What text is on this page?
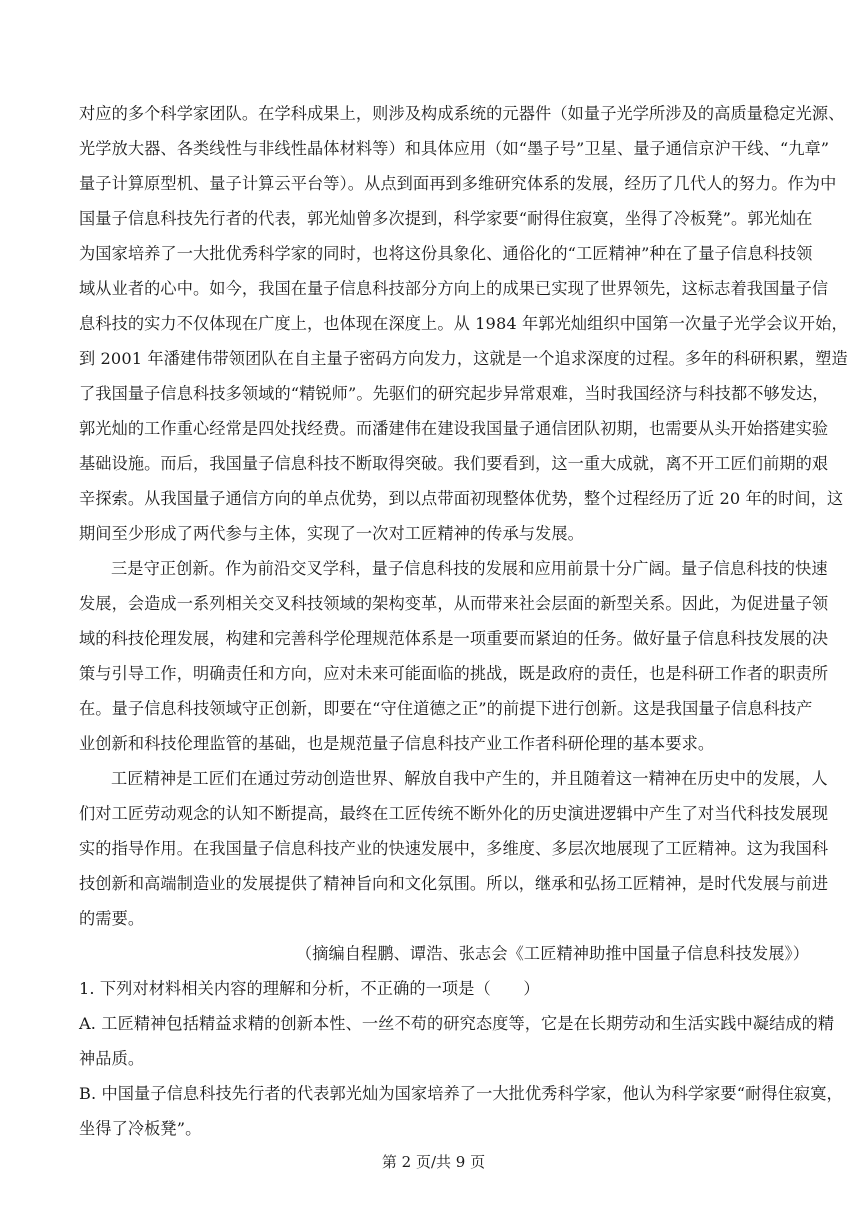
对应的多个科学家团队。在学科成果上，则涉及构成系统的元器件（如量子光学所涉及的高质量稳定光源、
光学放大器、各类线性与非线性晶体材料等）和具体应用（如“墨子号”卫星、量子通信京沪干线、“九章”
量子计算原型机、量子计算云平台等）。从点到面再到多维研究体系的发展，经历了几代人的努力。作为中
国量子信息科技先行者的代表，郭光灿曾多次提到，科学家要“耐得住寂寞，坐得了冷板凳”。郭光灿在
为国家培养了一大批优秀科学家的同时，也将这份具象化、通俗化的“工匠精神”种在了量子信息科技领
域从业者的心中。如今，我国在量子信息科技部分方向上的成果已实现了世界领先，这标志着我国量子信
息科技的实力不仅体现在广度上，也体现在深度上。从 1984 年郭光灿组织中国第一次量子光学会议开始，
到 2001 年潘建伟带领团队在自主量子密码方向发力，这就是一个追求深度的过程。多年的科研积累，塑造
了我国量子信息科技多领域的“精锐师”。先驱们的研究起步异常艰难，当时我国经济与科技都不够发达，
郭光灿的工作重心经常是四处找经费。而潘建伟在建设我国量子通信团队初期，也需要从头开始搭建实验
基础设施。而后，我国量子信息科技不断取得突破。我们要看到，这一重大成就，离不开工匠们前期的艰
辛探索。从我国量子通信方向的单点优势，到以点带面初现整体优势，整个过程经历了近 20 年的时间，这
期间至少形成了两代参与主体，实现了一次对工匠精神的传承与发展。
三是守正创新。作为前沿交叉学科，量子信息科技的发展和应用前景十分广阔。量子信息科技的快速
发展，会造成一系列相关交叉科技领域的架构变革，从而带来社会层面的新型关系。因此，为促进量子领
域的科技伦理发展，构建和完善科学伦理规范体系是一项重要而紧迫的任务。做好量子信息科技发展的决
策与引导工作，明确责任和方向，应对未来可能面临的挑战，既是政府的责任，也是科研工作者的职责所
在。量子信息科技领域守正创新，即要在“守住道德之正”的前提下进行创新。这是我国量子信息科技产
业创新和科技伦理监管的基础，也是规范量子信息科技产业工作者科研伦理的基本要求。
工匠精神是工匠们在通过劳动创造世界、解放自我中产生的，并且随着这一精神在历史中的发展，人
们对工匠劳动观念的认知不断提高，最终在工匠传统不断外化的历史演进逻辑中产生了对当代科技发展现
实的指导作用。在我国量子信息科技产业的快速发展中，多维度、多层次地展现了工匠精神。这为我国科
技创新和高端制造业的发展提供了精神旨向和文化氛围。所以，继承和弘扬工匠精神，是时代发展与前进
的需要。
（摘编自程鹏、谭浩、张志会《工匠精神助推中国量子信息科技发展》）
1. 下列对材料相关内容的理解和分析，不正确的一项是（　　）
A. 工匠精神包括精益求精的创新本性、一丝不苟的研究态度等，它是在长期劳动和生活实践中凝结成的精
神品质。
B. 中国量子信息科技先行者的代表郭光灿为国家培养了一大批优秀科学家，他认为科学家要“耐得住寂寞，
坐得了冷板凳”。
第 2 页/共 9 页
